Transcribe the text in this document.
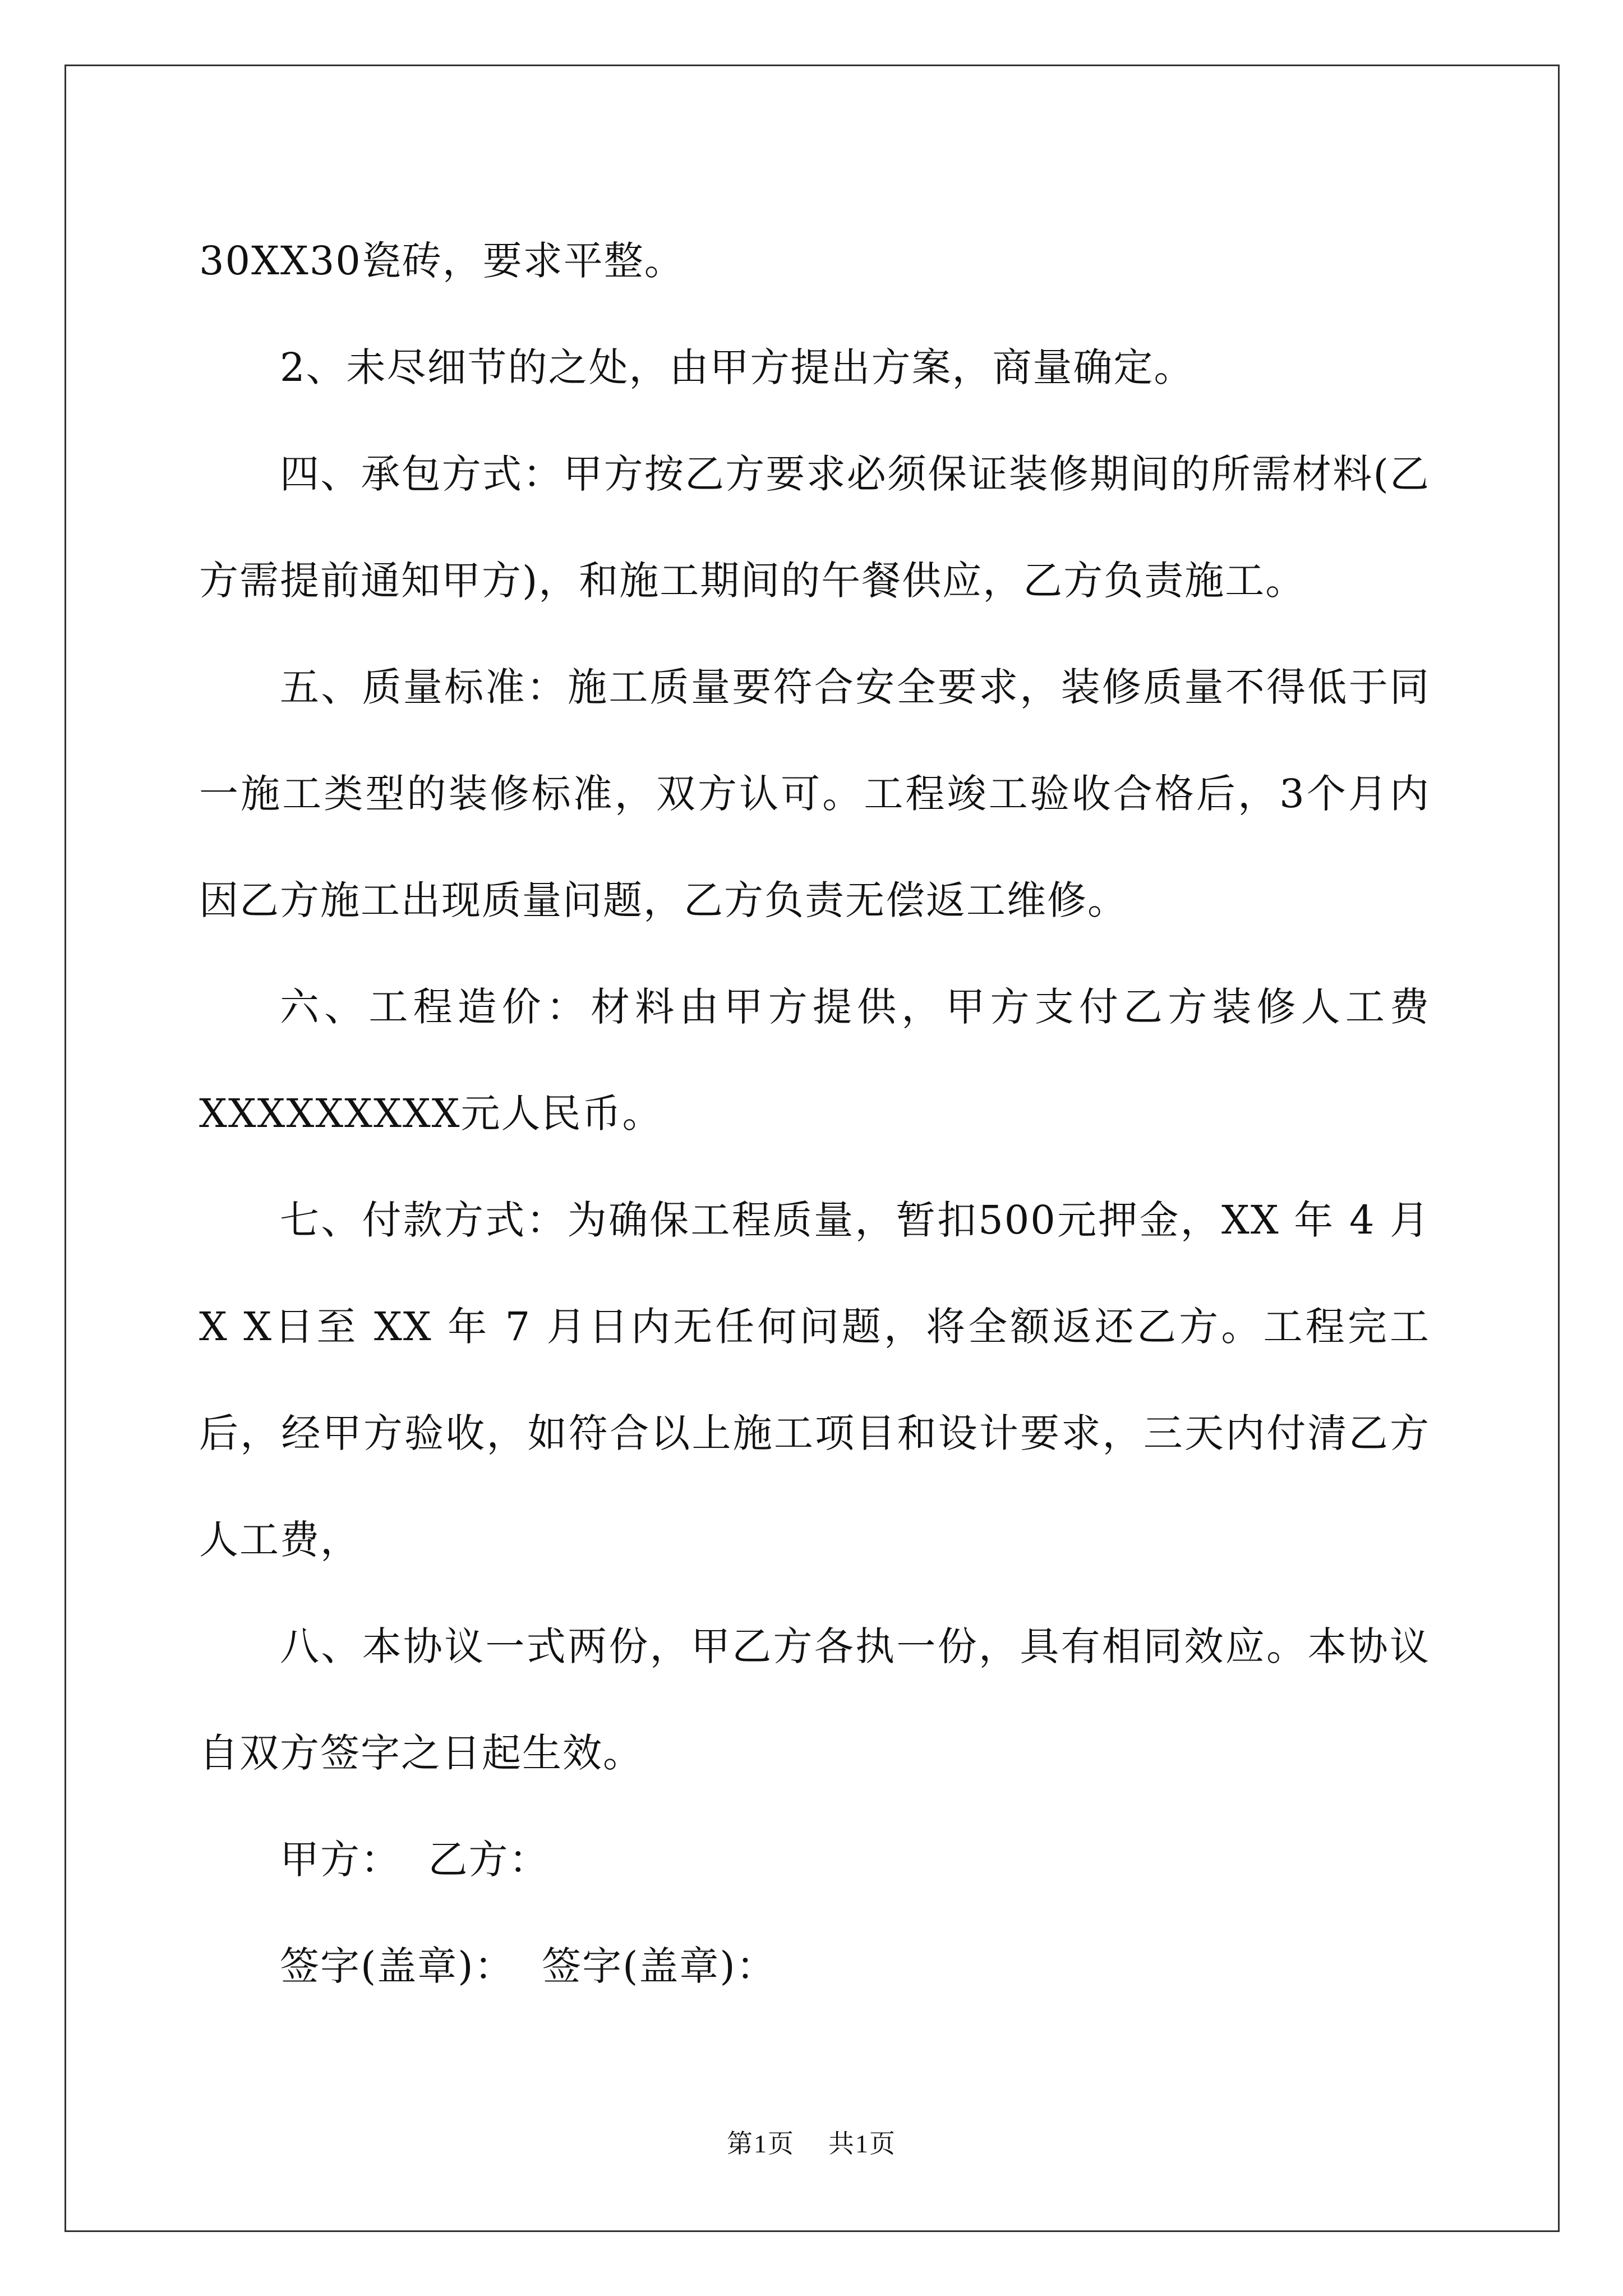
30XX30瓷砖，要求平整。

2、未尽细节的之处，由甲方提出方案，商量确定。

四、承包方式：甲方按乙方要求必须保证装修期间的所需材料(乙方需提前通知甲方)，和施工期间的午餐供应，乙方负责施工。

五、质量标准：施工质量要符合安全要求，装修质量不得低于同一施工类型的装修标准，双方认可。工程竣工验收合格后，3个月内因乙方施工出现质量问题，乙方负责无偿返工维修。

六、工程造价：材料由甲方提供，甲方支付乙方装修人工费XXXXXXXXX元人民币。

七、付款方式：为确保工程质量，暂扣500元押金，XX 年 4 月X X日至 XX 年 7 月日内无任何问题，将全额返还乙方。工程完工后，经甲方验收，如符合以上施工项目和设计要求，三天内付清乙方人工费，

八、本协议一式两份，甲乙方各执一份，具有相同效应。本协议自双方签字之日起生效。

甲方：  乙方：

签字(盖章)：  签字(盖章)：

第1页 共1页
